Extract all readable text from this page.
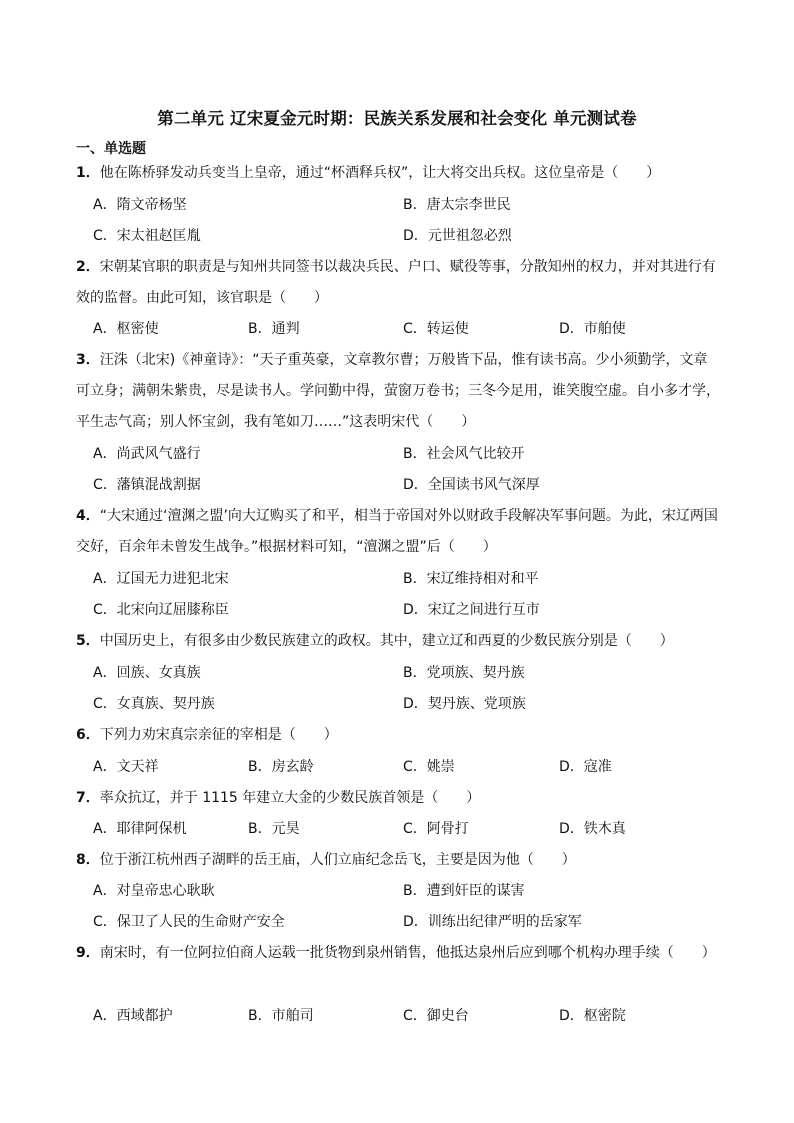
第二单元 辽宋夏金元时期：民族关系发展和社会变化 单元测试卷
一、单选题
1．他在陈桥驿发动兵变当上皇帝，通过“杯酒释兵权”，让大将交出兵权。这位皇帝是（　　）
A．隋文帝杨坚	B．唐太宗李世民
C．宋太祖赵匡胤	D．元世祖忽必烈
2．宋朝某官职的职责是与知州共同签书以裁决兵民、户口、赋役等事，分散知州的权力，并对其进行有效的监督。由此可知，该官职是（　　）
A．枢密使	B．通判	C．转运使	D．市舶使
3．汪洙（北宋)《神童诗》：“天子重英豪，文章教尔曹；万般皆下品，惟有读书高。少小须勤学，文章可立身；满朝朱紫贵，尽是读书人。学问勤中得，萤窗万卷书；三冬今足用，谁笑腹空虚。自小多才学，平生志气高；别人怀宝剑，我有笔如刀……”这表明宋代（　　）
A．尚武风气盛行	B．社会风气比较开
C．藩镇混战割据	D．全国读书风气深厚
4．“大宋通过‘澶渊之盟’向大辽购买了和平，相当于帝国对外以财政手段解决军事问题。为此，宋辽两国交好，百余年未曾发生战争。”根据材料可知，“澶渊之盟”后（　　）
A．辽国无力进犯北宋	B．宋辽维持相对和平
C．北宋向辽屈膝称臣	D．宋辽之间进行互市
5．中国历史上，有很多由少数民族建立的政权。其中，建立辽和西夏的少数民族分别是（　　）
A．回族、女真族	B．党项族、契丹族
C．女真族、契丹族	D．契丹族、党项族
6．下列力劝宋真宗亲征的宰相是（　　）
A．文天祥	B．房玄龄	C．姚崇	D．寇准
7．率众抗辽，并于 1115 年建立大金的少数民族首领是（　　）
A．耶律阿保机	B．元昊	C．阿骨打	D．铁木真
8．位于浙江杭州西子湖畔的岳王庙，人们立庙纪念岳飞，主要是因为他（　　）
A．对皇帝忠心耿耿	B．遭到奸臣的谋害
C．保卫了人民的生命财产安全	D．训练出纪律严明的岳家军
9．南宋时，有一位阿拉伯商人运载一批货物到泉州销售，他抵达泉州后应到哪个机构办理手续（　　）
A．西域都护	B．市舶司	C．御史台	D．枢密院
